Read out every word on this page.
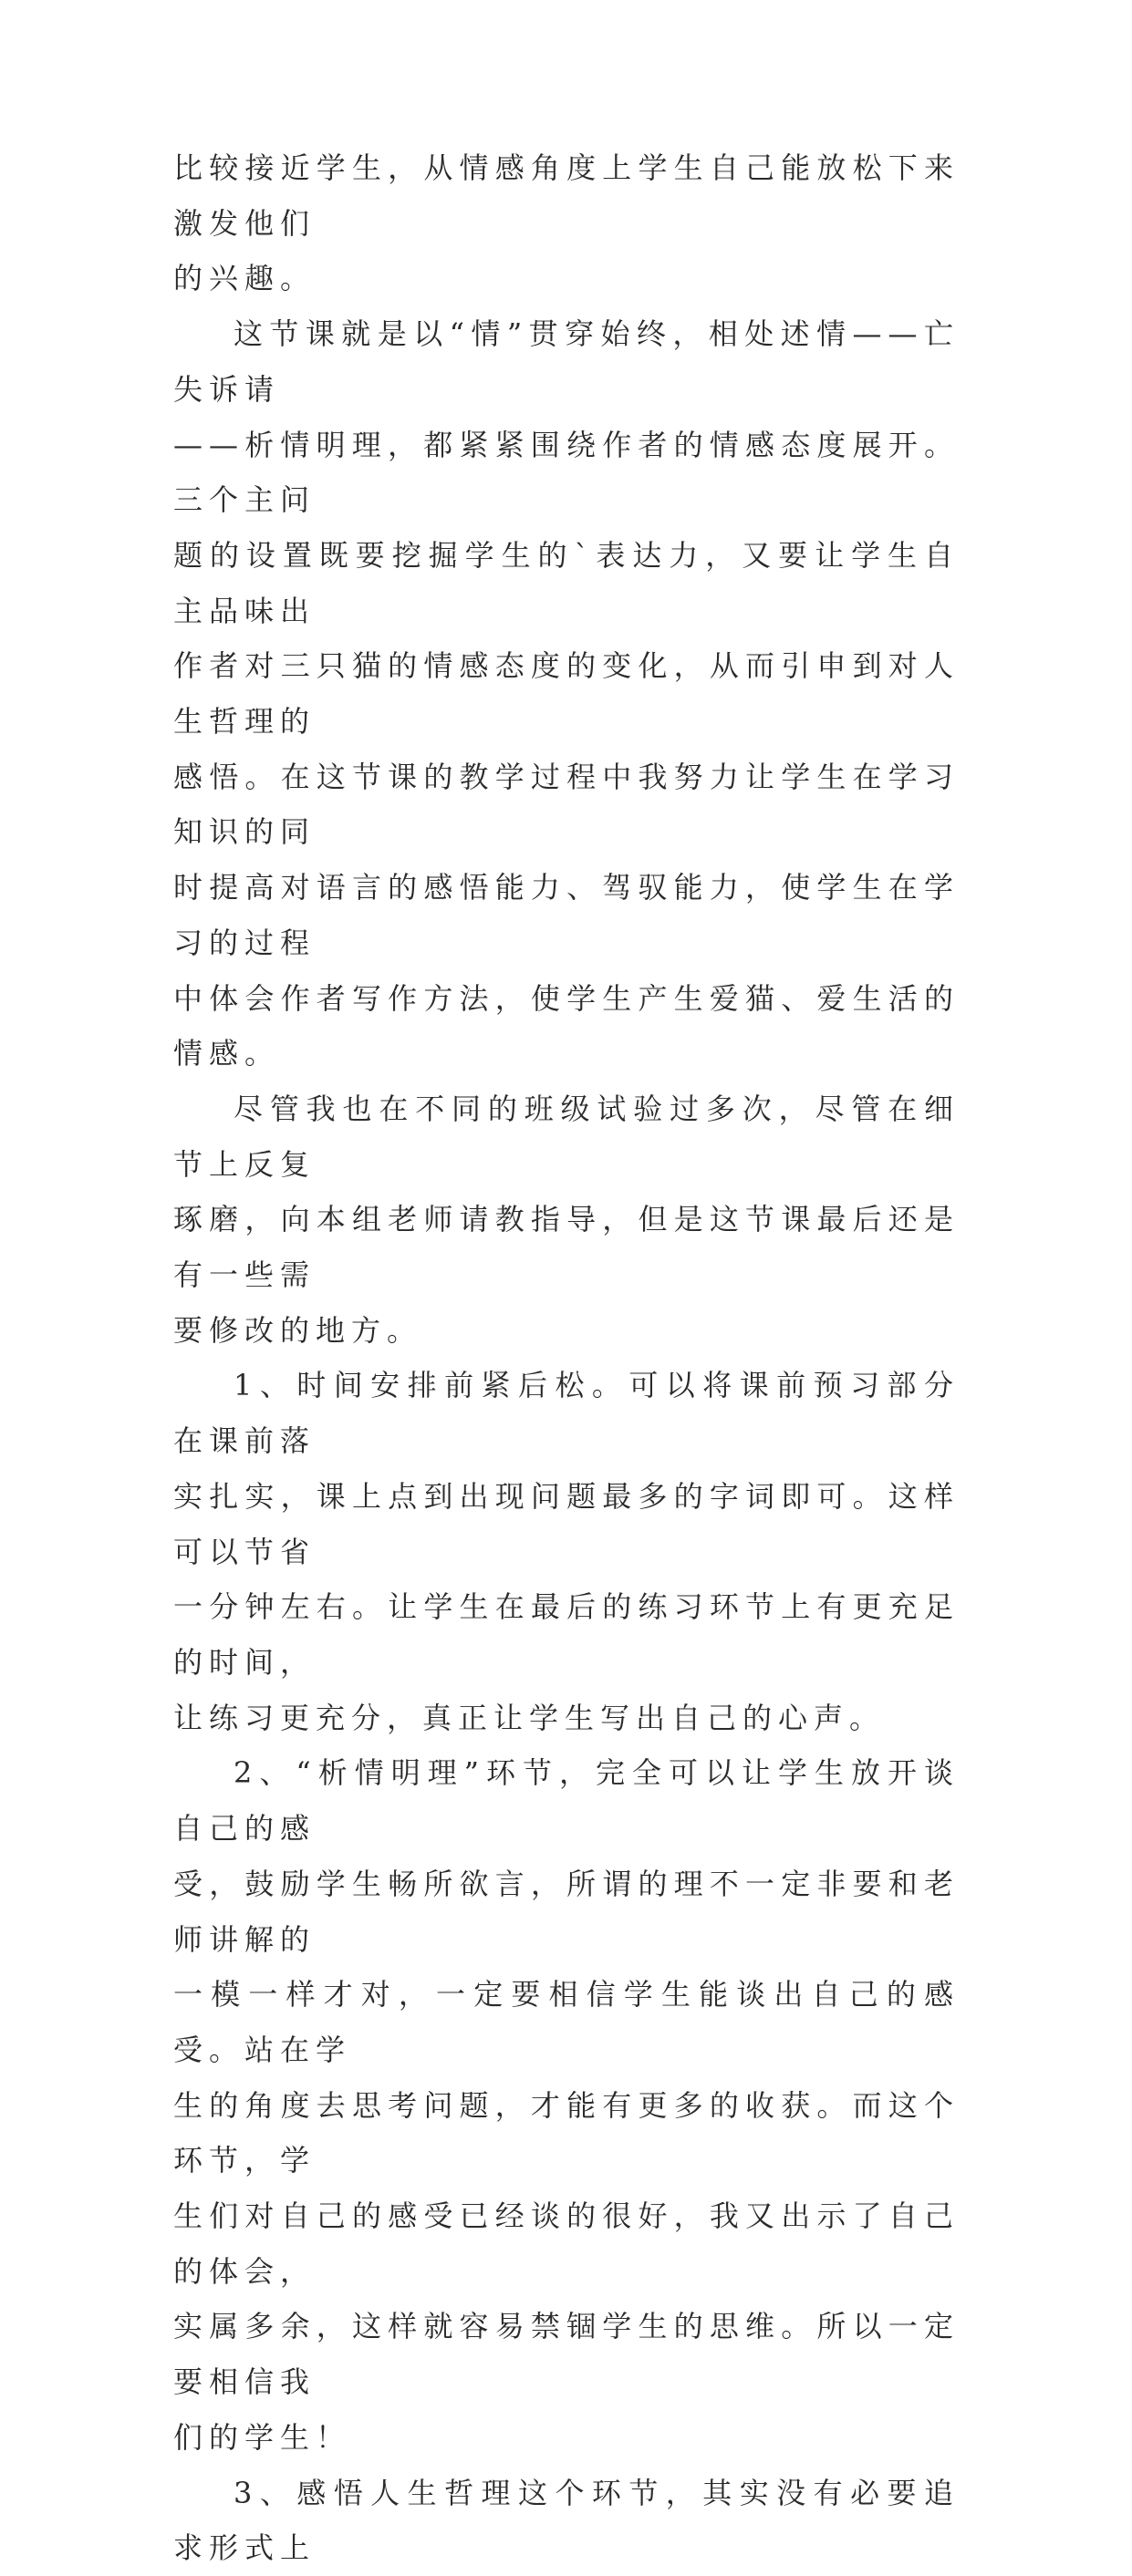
比较接近学生，从情感角度上学生自己能放松下来激发他们
的兴趣。

这节课就是以“情”贯穿始终，相处述情——亡失诉请
——析情明理，都紧紧围绕作者的情感态度展开。三个主问
题的设置既要挖掘学生的`表达力，又要让学生自主品味出
作者对三只猫的情感态度的变化，从而引申到对人生哲理的
感悟。在这节课的教学过程中我努力让学生在学习知识的同
时提高对语言的感悟能力、驾驭能力，使学生在学习的过程
中体会作者写作方法，使学生产生爱猫、爱生活的情感。

尽管我也在不同的班级试验过多次，尽管在细节上反复
琢磨，向本组老师请教指导，但是这节课最后还是有一些需
要修改的地方。

1、时间安排前紧后松。可以将课前预习部分在课前落
实扎实，课上点到出现问题最多的字词即可。这样可以节省
一分钟左右。让学生在最后的练习环节上有更充足的时间，
让练习更充分，真正让学生写出自己的心声。

2、“析情明理”环节，完全可以让学生放开谈自己的感
受，鼓励学生畅所欲言，所谓的理不一定非要和老师讲解的
一模一样才对，一定要相信学生能谈出自己的感受。站在学
生的角度去思考问题，才能有更多的收获。而这个环节，学
生们对自己的感受已经谈的很好，我又出示了自己的体会，
实属多余，这样就容易禁锢学生的思维。所以一定要相信我
们的学生！

3、感悟人生哲理这个环节，其实没有必要追求形式上
